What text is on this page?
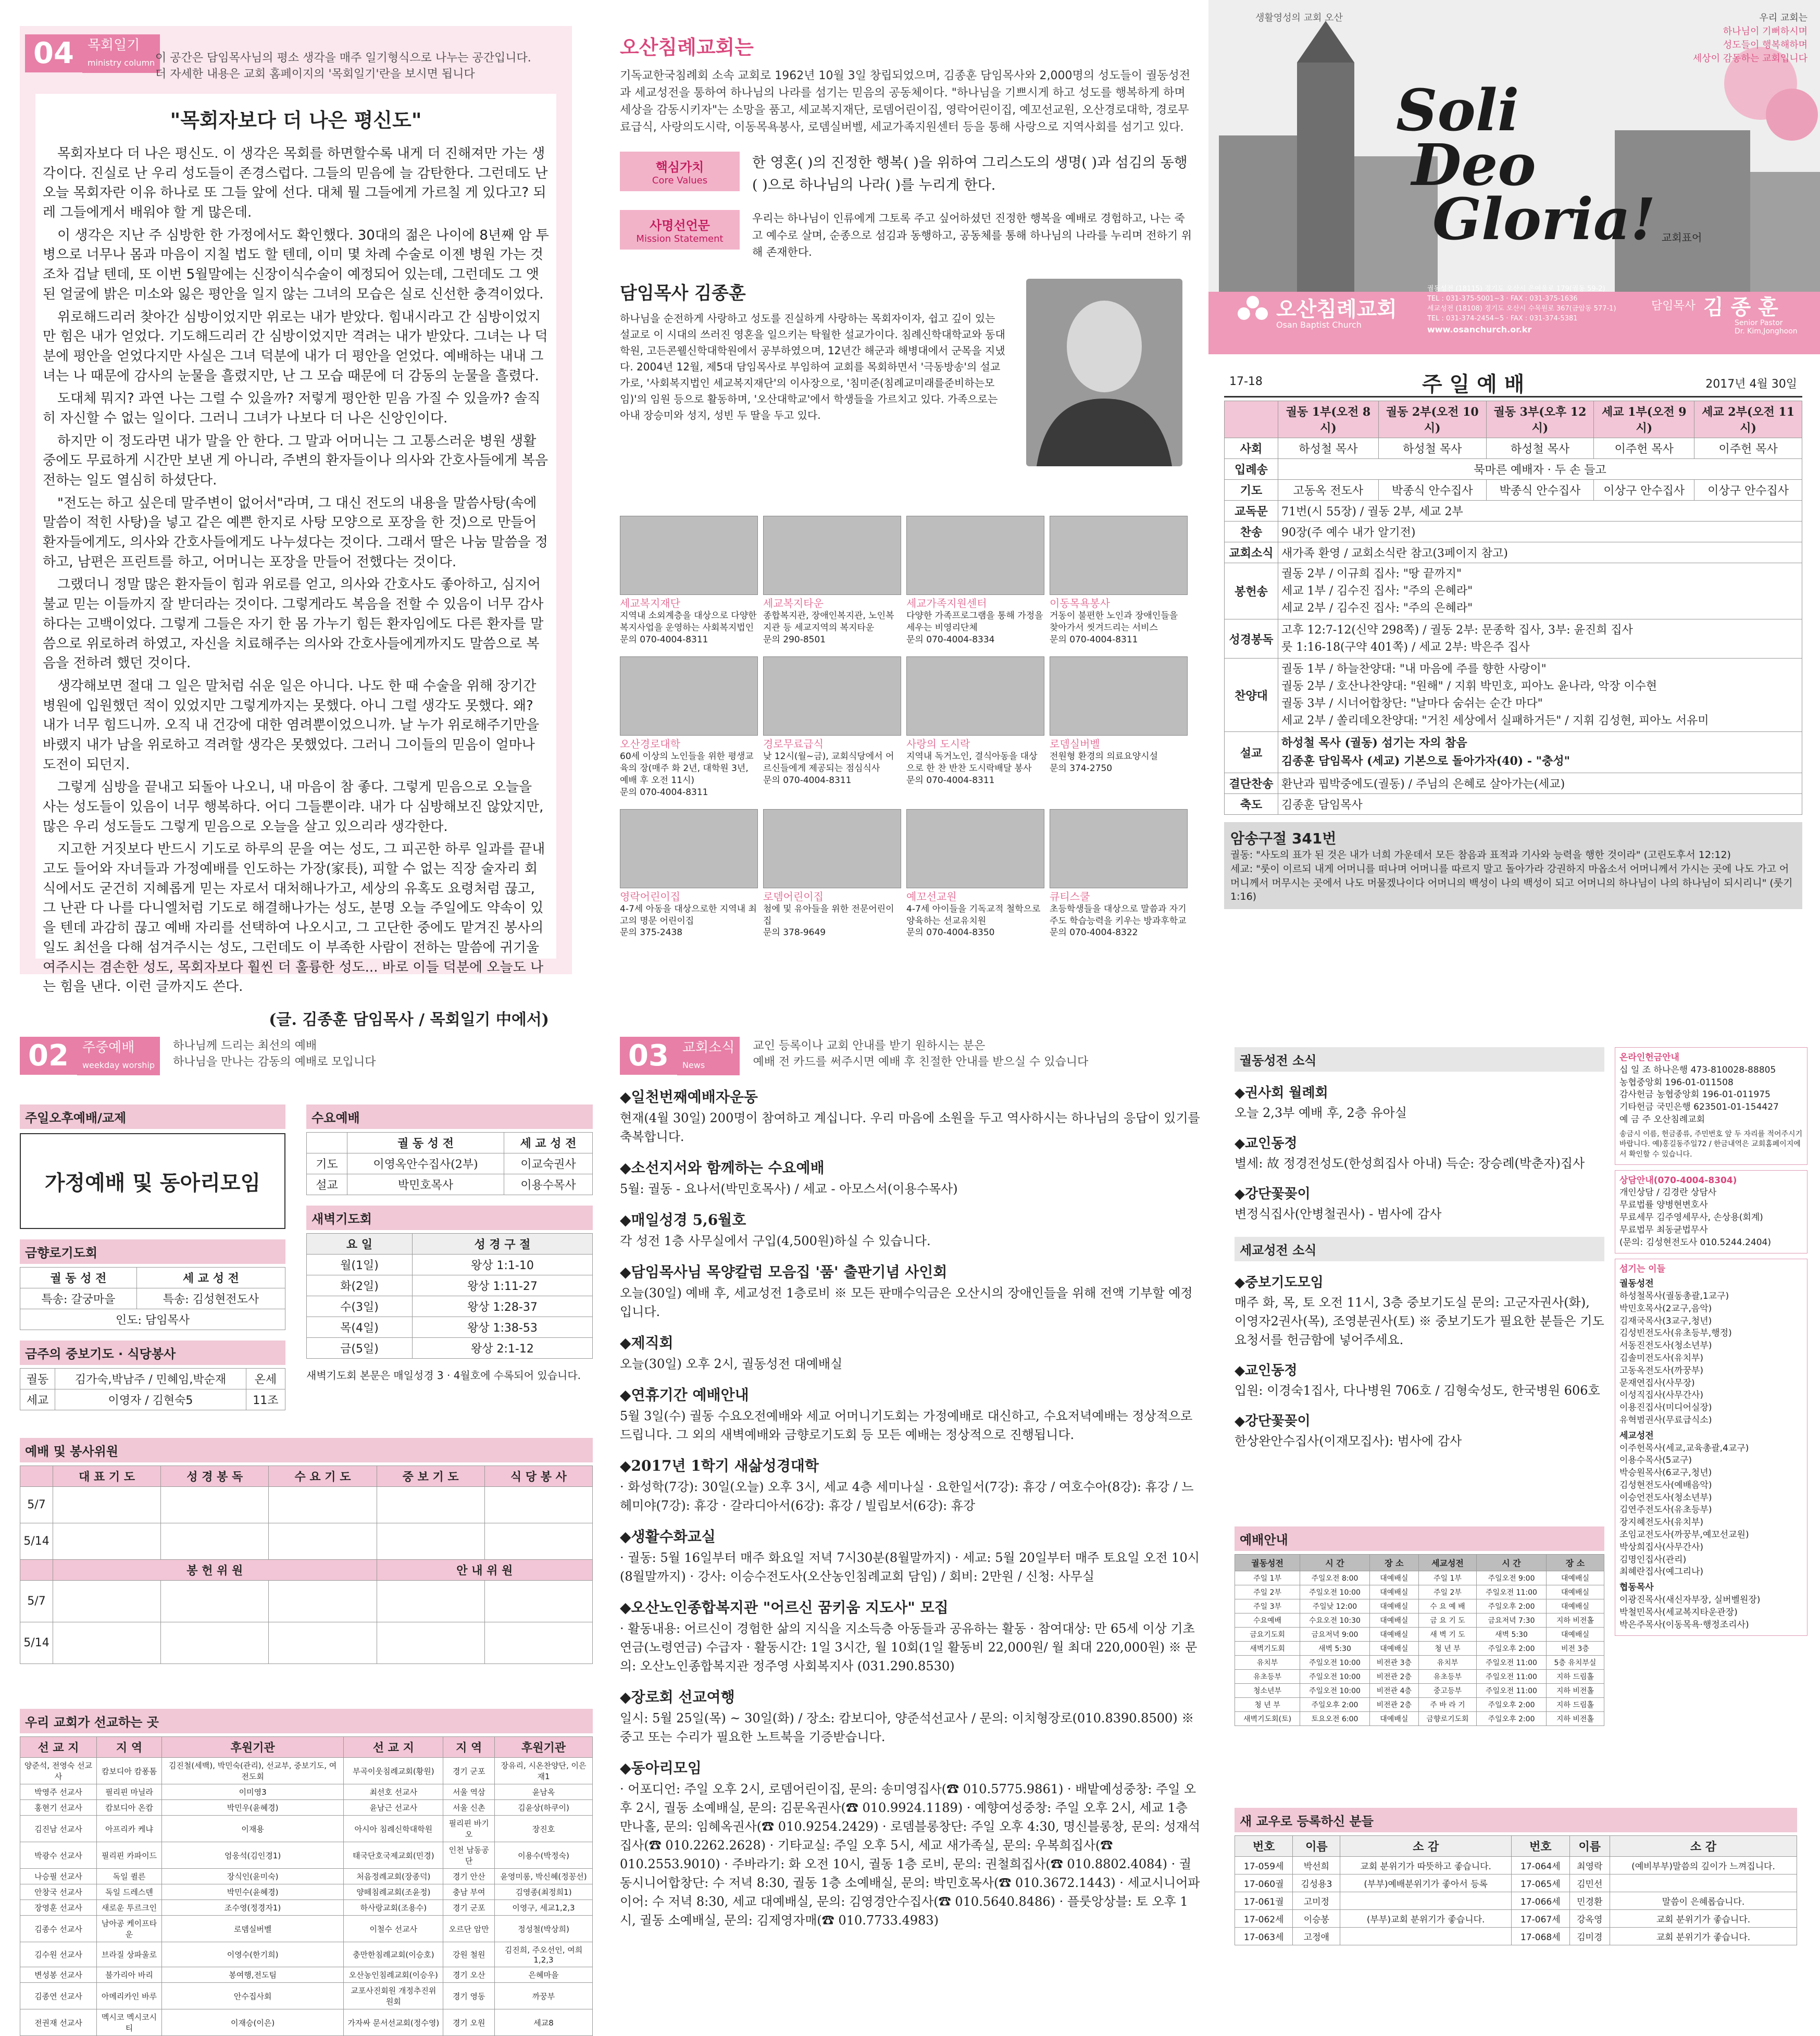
04 목회일기
ministry column 이 공간은 담임목사님의 평소 생각을 매주 일기형식으로 나누는 공간입니다.
더 자세한 내용은 교회 홈페이지의 '목회일기'란을 보시면 됩니다
"목회자보다 더 나은 평신도"

목회자보다 더 나은 평신도. 이 생각은 목회를 하면할수록 내게 더 진해져만 가는 생각이다. 진실로 난 우리 성도들이 존경스럽다. 그들의 믿음에 늘 감탄한다. 그런데도 난 오늘 목회자란 이유 하나로 또 그들 앞에 선다. 대체 뭘 그들에게 가르칠 게 있다고? 되레 그들에게서 배워야 할 게 많은데.

이 생각은 지난 주 심방한 한 가정에서도 확인했다. 30대의 젊은 나이에 8년째 암 투병으로 너무나 몸과 마음이 지칠 법도 할 텐데, 이미 몇 차례 수술로 이젠 병원 가는 것조차 겁날 텐데, 또 이번 5월말에는 신장이식수술이 예정되어 있는데, 그런데도 그 앳된 얼굴에 밝은 미소와 잃은 평안을 일지 않는 그녀의 모습은 실로 신선한 충격이었다.

위로해드리러 찾아간 심방이었지만 위로는 내가 받았다. 힘내시라고 간 심방이었지만 힘은 내가 얻었다. 기도해드리러 간 심방이었지만 격려는 내가 받았다. 그녀는 나 덕분에 평안을 얻었다지만 사실은 그녀 덕분에 내가 더 평안을 얻었다. 예배하는 내내 그녀는 나 때문에 감사의 눈물을 흘렸지만, 난 그 모습 때문에 더 감동의 눈물을 흘렸다.

도대체 뭐지? 과연 나는 그럴 수 있을까? 저렇게 평안한 믿음 가질 수 있을까? 솔직히 자신할 수 없는 일이다. 그러니 그녀가 나보다 더 나은 신앙인이다.

하지만 이 정도라면 내가 말을 안 한다. 그 말과 어머니는 그 고통스러운 병원 생활 중에도 무료하게 시간만 보낸 게 아니라, 주변의 환자들이나 의사와 간호사들에게 복음 전하는 일도 열심히 하셨단다.

"전도는 하고 싶은데 말주변이 없어서"라며, 그 대신 전도의 내용을 말씀사탕(속에 말씀이 적힌 사탕)을 넣고 같은 예쁜 한지로 사탕 모양으로 포장을 한 것)으로 만들어 환자들에게도, 의사와 간호사들에게도 나누셨다는 것이다. 그래서 딸은 나눔 말씀을 정하고, 남편은 프린트를 하고, 어머니는 포장을 만들어 전했다는 것이다.

그랬더니 정말 많은 환자들이 힘과 위로를 얻고, 의사와 간호사도 좋아하고, 심지어 불교 믿는 이들까지 잘 받더라는 것이다. 그렇게라도 복음을 전할 수 있음이 너무 감사하다는 고백이었다. 그렇게 그들은 자기 한 몸 가누기 힘든 환자임에도 다른 환자를 말씀으로 위로하려 하였고, 자신을 치료해주는 의사와 간호사들에게까지도 말씀으로 복음을 전하려 했던 것이다.

생각해보면 절대 그 일은 말처럼 쉬운 일은 아니다. 나도 한 때 수술을 위해 장기간 병원에 입원했던 적이 있었지만 그렇게까지는 못했다. 아니 그럴 생각도 못했다. 왜? 내가 너무 힘드니까. 오직 내 건강에 대한 염려뿐이었으니까. 날 누가 위로해주기만을 바랬지 내가 남을 위로하고 격려할 생각은 못했었다. 그러니 그이들의 믿음이 얼마나 도전이 되던지.

그렇게 심방을 끝내고 되돌아 나오니, 내 마음이 참 좋다. 그렇게 믿음으로 오늘을 사는 성도들이 있음이 너무 행복하다. 어디 그들뿐이랴. 내가 다 심방해보진 않았지만, 많은 우리 성도들도 그렇게 믿음으로 오늘을 살고 있으리라 생각한다.

지고한 거짓보다 반드시 기도로 하루의 문을 여는 성도, 그 피곤한 하루 일과를 끝내고도 들어와 자녀들과 가정예배를 인도하는 가장(家長), 피할 수 없는 직장 술자리 회식에서도 굳건히 지혜롭게 믿는 자로서 대처해나가고, 세상의 유혹도 요령처럼 끊고, 그 난관 다 나를 다니엘처럼 기도로 해결해나가는 성도, 분명 오늘 주일에도 약속이 있을 텐데 과감히 끊고 예배 자리를 선택하여 나오시고, 그 고단한 중에도 맡겨진 봉사의 일도 최선을 다해 섬겨주시는 성도, 그런데도 이 부족한 사람이 전하는 말씀에 귀기울여주시는 겸손한 성도, 목회자보다 훨씬 더 훌륭한 성도... 바로 이들 덕분에 오늘도 나는 힘을 낸다. 이런 글까지도 쓴다.

(글. 김종훈 담임목사 / 목회일기 中에서)
오산침례교회는
기독교한국침례회 소속 교회로 1962년 10월 3일 창립되었으며, 김종훈 담임목사와 2,000명의 성도들이 궐동성전과 세교성전을 통하여 하나님의 나라를 섬기는 믿음의 공동체이다. "하나님을 기쁘시게 하고 성도를 행복하게 하며 세상을 감동시키자"는 소망을 품고, 세교복지재단, 로뎀어린이집, 영락어린이집, 예꼬선교원, 오산경로대학, 경로무료급식, 사랑의도시락, 이동목욕봉사, 로뎀실버벨, 세교가족지원센터 등을 통해 사랑으로 지역사회를 섬기고 있다.
핵심가치
Core Values
한 영혼( )의 진정한 행복( )을 위하여 그리스도의 생명( )과 섬김의 동행( )으로 하나님의 나라( )를 누리게 한다.
사명선언문
Mission Statement
우리는 하나님이 인류에게 그토록 주고 싶어하셨던 진정한 행복을 예배로 경험하고, 나는 죽고 예수로 살며, 순종으로 섬김과 동행하고, 공동체를 통해 하나님의 나라를 누리며 전하기 위해 존재한다.
담임목사 김종훈
하나님을 순전하게 사랑하고 성도를 진실하게 사랑하는 목회자이자, 쉽고 깊이 있는 설교로 이 시대의 쓰러진 영혼을 일으키는 탁월한 설교가이다. 침례신학대학교와 동대학원, 고든콘웰신학대학원에서 공부하였으며, 12년간 해군과 해병대에서 군목을 지냈다. 2004년 12월, 제5대 담임목사로 부임하여 교회를 목회하면서 '극동방송'의 설교가로, '사회복지법인 세교복지재단'의 이사장으로, '침미준(침례교미래를준비하는모임)'의 임원 등으로 활동하며, '오산대학교'에서 학생들을 가르치고 있다. 가족으로는 아내 장승미와 성지, 성빈 두 딸을 두고 있다.
세교복지재단
지역내 소외계층을 대상으로 다양한 복지사업을 운영하는 사회복지법인
문의 070-4004-8311
세교복지타운
종합복지관, 장애인복지관, 노인복지관 등 세교지역의 복지타운
문의 290-8501
세교가족지원센터
다양한 가족프로그램을 통해 가정을 세우는 비영리단체
문의 070-4004-8334
이동목욕봉사
거동이 불편한 노인과 장애인들을 찾아가서 씻겨드리는 서비스
문의 070-4004-8311
오산경로대학
60세 이상의 노인들을 위한 평생교육의 장(매주 화 2년, 대학원 3년, 예배 후 오전 11시)
문의 070-4004-8311
경로무료급식
낮 12시(월~금), 교회식당에서 어르신들에게 제공되는 점심식사
문의 070-4004-8311
사랑의 도시락
지역내 독거노인, 결식아동을 대상으로 한 찬 반찬 도시락배달 봉사
문의 070-4004-8311
로뎀실버벨
전원형 환경의 의료요양시설
문의 374-2750
영락어린이집
4-7세 아동을 대상으로한 지역내 최고의 명문 어린이집
문의 375-2438
로뎀어린이집
첨에 및 유아들을 위한 전문어린이집
문의 378-9649
예꼬선교원
4-7세 아이들을 기독교적 철학으로 양육하는 선교유치원
문의 070-4004-8350
큐티스쿨
초등학생들을 대상으로 말씀과 자기주도 학습능력을 키우는 방과후학교
문의 070-4004-8322
생활영성의 교회 오산	우리 교회는
하나님이 기뻐하시며
성도들이 행복해하며
세상이 감동하는 교회입니다
Soli
Deo
Gloria! 교회표어
오산침례교회
Osan Baptist Church
궐동성전 (18115) 경기도 오산시 은여울로 179(궐동 59-2)
TEL : 031-375-5001~3 · FAX : 031-375-1636
세교성전 (18108) 경기도 오산시 수목원로 367(금암동 577-1)
TEL : 031-374-2454~5 · FAX : 031-374-5381
www.osanchurch.or.kr
담임목사 김 종 훈
Senior Pastor
Dr. Kim,Jonghoon
17-18	주 일 예 배	2017년 4월 30일
	궐동 1부(오전 8시)	궐동 2부(오전 10시)	궐동 3부(오후 12시)	세교 1부(오전 9시)	세교 2부(오전 11시)
사회	하성철 목사	하성철 목사	하성철 목사	이주헌 목사	이주헌 목사
입례송	묵마른 예배자 · 두 손 들고				
기도	고동옥 전도사	박종식 안수집사	박종식 안수집사	이상구 안수집사	이상구 안수집사
교독문	71번(시 55장) / 궐동 2부, 세교 2부				
찬송	90장(주 예수 내가 알기전)				
교회소식	새가족 환영 / 교회소식란 참고(3페이지 참고)				
봉헌송	궐동 2부 / 이규희 집사: "땅 끝까지"
세교 1부 / 김수진 집사: "주의 은혜라"
세교 2부 / 김수진 집사: "주의 은혜라"				

성경봉독	고후 12:7-12(신약 298쪽) / 궐동 2부: 문종학 집사, 3부: 윤진희 집사
룻 1:16-18(구약 401쪽) / 세교 2부: 박은주 집사				

찬양대	궐동 1부 / 하늘찬양대: "내 마음에 주를 향한 사랑이"
궐동 2부 / 호산나찬양대: "원해" / 지휘 박민호, 피아노 윤나라, 악장 이수현
궐동 3부 / 시너어합창단: "날마다 숨쉬는 순간 마다"
세교 2부 / 쏠리데오찬양대: "거친 세상에서 실패하거든" / 지휘 김성현, 피아노 서유미				

설교	하성철 목사 (궐동) 섬기는 자의 참음
김종훈 담임목사 (세교) 기본으로 돌아가자(40) - "충성"				

결단찬송	환난과 핍박중에도(궐동) / 주님의 은혜로 살아가는(세교)				
축도	김종훈 담임목사				
암송구절 341번
궐동: "사도의 표가 된 것은 내가 너희 가운데서 모든 참음과 표적과 기사와 능력을 행한 것이라" (고린도후서 12:12)
세교: "룻이 이르되 내게 어머니를 떠나며 어머니를 따르지 말고 돌아가라 강권하지 마옵소서 어머니께서 가시는 곳에 나도 가고 어머니께서 머무시는 곳에서 나도 머물겠나이다 어머니의 백성이 나의 백성이 되고 어머니의 하나님이 나의 하나님이 되시리니" (룻기 1:16)
02 주중예배
weekday worship 하나님께 드리는 최선의 예배
하나님을 만나는 감동의 예배로 모입니다
주일오후예배/교제
가정예배 및 동아리모임
금향로기도회
궐 동 성 전	세 교 성 전
특송: 갈궁마을	특송: 김성현전도사
인도: 담임목사	
금주의 중보기도 · 식당봉사
궐동	김가숙,박남주 / 민혜임,박순재	온세
세교	이영자 / 김현숙5	11조
수요예배
	궐 동 성 전	세 교 성 전
기도	이영옥안수집사(2부)	이교숙권사
설교	박민호목사	이용수목사
새벽기도회
요 일	성 경 구 절
월(1일)	왕상 1:1-10
화(2일)	왕상 1:11-27
수(3일)	왕상 1:28-37
목(4일)	왕상 1:38-53
금(5일)	왕상 2:1-12
새벽기도회 본문은 매일성경 3 · 4월호에 수록되어 있습니다.
예배 및 봉사위원
	대 표 기 도	성 경 봉 독	수 요 기 도	중 보 기 도	식 당 봉 사
5/7					
5/14					
	봉 헌 위 원			안 내 위 원	
5/7					
5/14					
우리 교회가 선교하는 곳
선 교 지	지 역	후원기관	선 교 지	지 역	후원기관
양준석, 전영숙 선교사	캄보디아 캄퐁톰	김진철(세백), 박민숙(관리), 선교부, 중보기도, 여전도회	부곡이웃침례교회(황원)	경기 군포	장유리, 시온찬양단, 이은재1
박영주 선교사	필리핀 마닐라	이미영3	최선호 선교사	서울 역삼	윤남옥
홍현기 선교사	캄보디아 온캄	박민우(윤혜경)	윤남근 선교사	서울 신촌	김윤상(하쿠이)
김진남 선교사	아프리카 케냐	이재용	아시아 침례신학대학원	필리핀 바기오	장진호
박광수 선교사	필리핀 카파이드	엄웅석(김인경1)	태국단호국제교회(민경)	인천 남동공단	이용수(박정숙)
나승필 선교사	독일 퀼른	장식인(윤미숙)	처음정례교회(장종덕)	경기 안산	윤영미롱, 박신혜(정꽁선)
안창국 선교사	독일 드레스덴	박민수(윤혜경)	양떼침례교회(조윤정)	충남 부여	김영종(최정희1)
장영훈 선교사	새로운 투르크인	조수영(정경자1)	하사랑교회(조용수)	경기 군포	이영구, 세교1,2,3
김종수 선교사	남아공 케이프타운	로뎀실버벨	이철수 선교사	오르단 암만	정성철(박상희)
김수원 선교사	브라질 상파울로	이영수(한기희)	충만한침례교회(이승호)	강원 철원	김진희, 주오선인, 여희1,2,3
변성봉 선교사	불가리아 바리	봉여행,전도팀	오산농인침례교회(이승우)	경기 오산	은혜마을
김종연 선교사	아메리카인 바루	안수집사회	교포사진회원 개정추진위원회	경기 영동	까꿍부
전권재 선교사	멕시코 멕시코시티	이재승(이은)	가자싸 문서선교회(정수영)	경기 오원	세교8
03 교회소식
News 교인 등록이나 교회 안내를 받기 원하시는 분은
예배 전 카드를 써주시면 예배 후 친절한 안내를 받으실 수 있습니다
◆일천번째예배자운동

현재(4월 30일) 200명이 참여하고 계십니다. 우리 마음에 소원을 두고 역사하시는 하나님의 응답이 있기를 축복합니다.

◆소선지서와 함께하는 수요예배

5월: 궐동 - 요나서(박민호목사) / 세교 - 아모스서(이용수목사)

◆매일성경 5,6월호

각 성전 1층 사무실에서 구입(4,500원)하실 수 있습니다.

◆담임목사님 목양칼럼 모음집 '품' 출판기념 사인회

오늘(30일) 예배 후, 세교성전 1층로비 ※ 모든 판매수익금은 오산시의 장애인들을 위해 전액 기부할 예정입니다.

◆제직회

오늘(30일) 오후 2시, 궐동성전 대예배실

◆연휴기간 예배안내

5월 3일(수) 궐동 수요오전예배와 세교 어머니기도회는 가정예배로 대신하고, 수요저녁예배는 정상적으로 드립니다. 그 외의 새벽예배와 금향로기도회 등 모든 예배는 정상적으로 진행됩니다.

◆2017년 1학기 새삶성경대학

· 화성학(7강): 30일(오늘) 오후 3시, 세교 4층 세미나실 · 요한일서(7강): 휴강 / 여호수아(8강): 휴강 / 느헤미야(7강): 휴강 · 갈라디아서(6강): 휴강 / 빌립보서(6강): 휴강

◆생활수화교실

· 궐동: 5월 16일부터 매주 화요일 저녁 7시30분(8월말까지) · 세교: 5월 20일부터 매주 토요일 오전 10시(8월말까지) · 강사: 이승수전도사(오산농인침례교회 담임) / 회비: 2만원 / 신청: 사무실

◆오산노인종합복지관 "어르신 꿈키움 지도사" 모집

· 활동내용: 어르신이 경험한 삶의 지식을 지소득층 아동들과 공유하는 활동 · 참여대상: 만 65세 이상 기초연금(노령연금) 수급자 · 활동시간: 1일 3시간, 월 10회(1일 활동비 22,000원/ 월 최대 220,000원) ※ 문의: 오산노인종합복지관 정주영 사회복지사 (031.290.8530)

◆장로회 선교여행

일시: 5월 25일(목) ~ 30일(화) / 장소: 캄보디아, 양준석선교사 / 문의: 이치형장로(010.8390.8500) ※ 중고 또는 수리가 필요한 노트북을 기증받습니다.

◆동아리모임

· 어포디언: 주일 오후 2시, 로뎀어린이집, 문의: 송미영집사(☎ 010.5775.9861) · 배밭예성중창: 주일 오후 2시, 궐동 소예배실, 문의: 김문옥권사(☎ 010.9924.1189) · 예향여성중창: 주일 오후 2시, 세교 1층 만나홀, 문의: 임혜옥권사(☎ 010.9254.2429) · 로뎀블롱창단: 주일 오후 4:30, 명신블롱창, 문의: 성재석집사(☎ 010.2262.2628) · 기타교실: 주일 오후 5시, 세교 새가족실, 문의: 우복희집사(☎ 010.2553.9010) · 주바라기: 화 오전 10시, 궐동 1층 로비, 문의: 권철희집사(☎ 010.8802.4084) · 궐동시니어합창단: 수 저녁 8:30, 궐동 1층 소예배실, 문의: 박민호목사(☎ 010.3672.1443) · 세교시니어파이어: 수 저녁 8:30, 세교 대예배실, 문의: 김영경안수집사(☎ 010.5640.8486) · 플룻앙상블: 토 오후 1시, 궐동 소예배실, 문의: 김제영자매(☎ 010.7733.4983)

궐동성전 소식
◆권사회 월례회

오늘 2,3부 예배 후, 2층 유아실

◆교인동정

별세: 故 정경전성도(한성희집사 아내) 득순: 장승례(박춘자)집사

◆강단꽃꽂이

변정식집사(안병철권사) - 범사에 감사

세교성전 소식
◆중보기도모임

매주 화, 목, 토 오전 11시, 3층 중보기도실 문의: 고군자권사(화), 이영자2권사(목), 조영분권사(토) ※ 중보기도가 필요한 분들은 기도요청서를 헌금함에 넣어주세요.

◆교인동정

입원: 이경숙1집사, 다나병원 706호 / 김형숙성도, 한국병원 606호

◆강단꽃꽂이

한상완안수집사(이재모집사): 범사에 감사

예배안내
궐동성전	시 간	장 소	세교성전	시 간	장 소
주일 1부	주일오전 8:00	대예배실	주일 1부	주일오전 9:00	대예배실
주일 2부	주일오전 10:00	대예배실	주일 2부	주일오전 11:00	대예배실
주일 3부	주일낮 12:00	대예배실	수 요 예 배	주일오후 2:00	대예배실
수요예배	수요오전 10:30	대예배실	금 요 기 도	금요저녁 7:30	지하 비전홀
금요기도회	금요저녁 9:00	대예배실	새 벽 기 도	새벽 5:30	대예배실
새벽기도회	새벽 5:30	대예배실	청 년 부	주일오후 2:00	비전 3층
유치부	주일오전 10:00	비전관 3층	유치부	주일오전 11:00	5층 유치부실
유초등부	주일오전 10:00	비전관 2층	유초등부	주일오전 11:00	지하 드림홀
청소년부	주일오전 10:00	비전관 4층	중고등부	주일오전 11:00	지하 비전홀
청 년 부	주일오후 2:00	비전관 2층	주 바 라 기	주일오후 2:00	지하 드림홀
새벽기도회(토)	토요오전 6:00	대예배실	금향로기도회	주일오후 2:00	지하 비전홀
새 교우로 등록하신 분들
번호	이름	소 감	번호	이름	소 감
17-059세	박선희	교회 분위기가 따뜻하고 좋습니다.	17-064세	최영락	(예비부부)말씀의 깊이가 느껴집니다.
17-060궐	김성용3	(부부)예배분위기가 좋아서 등록	17-065세	김민선	
17-061궐	고미정		17-066세	민경환	말씀이 은혜롭습니다.
17-062세	이승봉	(부부)교회 분위기가 좋습니다.	17-067세	강옥영	교회 분위기가 좋습니다.
17-063세	고정애		17-068세	김미경	교회 분위기가 좋습니다.
온라인헌금안내
십 일 조 하나은행 473-810028-88805
농협중앙회 196-01-011508
감사헌금 농협중앙회 196-01-011975
기타헌금 국민은행 623501-01-154427
예 금 주 오산침례교회
송금시 이름, 헌금종류, 주민번호 앞 두 자리를 적어주시기 바랍니다. 예)홍길동주일72 / 한금내역은 교회홈페이지에서 확인할 수 있습니다.
상담안내(070-4004-8304)
개인상담 / 김경란 상담사
무료법률 양병현변호사
무료세무 김주영세무사, 손상용(회계)
무료법무 최동균법무사
(문의: 김성현전도사 010.5244.2404)
섬기는 이들
궐동성전
하성철목사(궐동총괄,1교구)
박민호목사(2교구,음악)
김재국목사(3교구,청년)
김성빈전도사(유초등부,행정)
서동진전도사(청소년부)
김솔미전도사(유치부)
고동옥전도사(까꿍부)
문재연집사(사무장)
이성직집사(사무간사)
이용진집사(미디어실장)
유혁범권사(무료급식소)
세교성전
이주헌목사(세교,교육총괄,4교구)
이용수목사(5교구)
박승원목사(6교구,청년)
김성현전도사(예배음악)
이승언전도사(청소년부)
김연주전도사(유초등부)
장지혜전도사(유치부)
조임교전도사(까꿍부,예꼬선교원)
박상희집사(사무간사)
김명인집사(관리)
최혜란집사(예그리나)
협동목사
이광진목사(새신자부장, 실버벨원장)
박철민목사(세교복지타운관장)
박은주목사(이동목욕·행정조리사)
